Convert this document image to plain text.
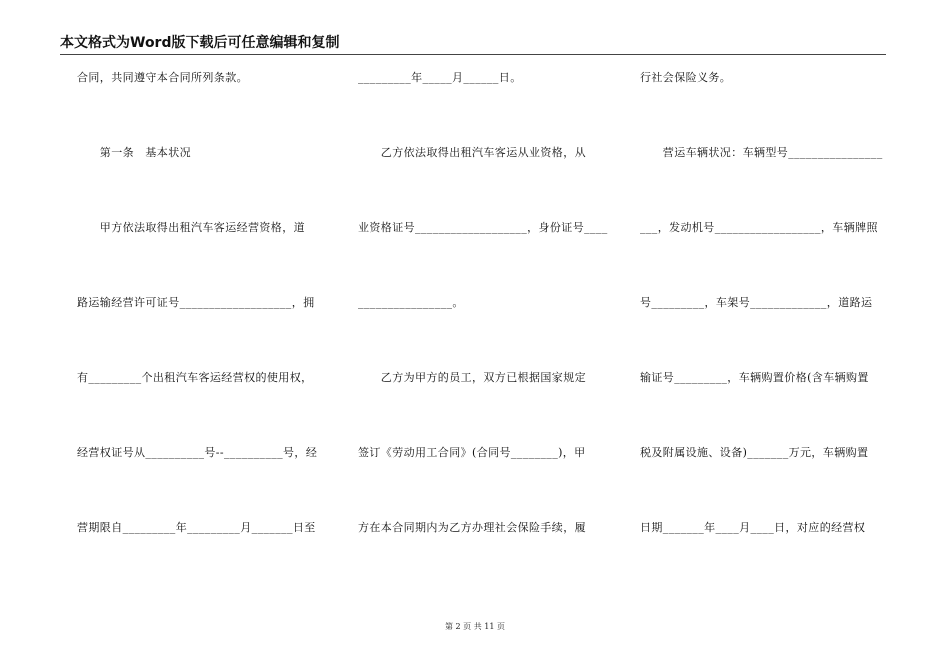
本文格式为Word版下载后可任意编辑和复制
合同，共同遵守本合同所列条款。
　　第一条　基本状况
　　甲方依法取得出租汽车客运经营资格，道
路运输经营许可证号___________________，拥
有_________个出租汽车客运经营权的使用权，
经营权证号从__________号--__________号，经
营期限自_________年_________月_______日至
_________年_____月______日。
　　乙方依法取得出租汽车客运从业资格，从
业资格证号___________________，身份证号____
________________。
　　乙方为甲方的员工，双方已根据国家规定
签订《劳动用工合同》(合同号________)，甲
方在本合同期内为乙方办理社会保险手续，履
行社会保险义务。
　　营运车辆状况：车辆型号________________
___，发动机号__________________，车辆牌照
号_________，车架号_____________，道路运
输证号_________，车辆购置价格(含车辆购置
税及附属设施、设备)_______万元，车辆购置
日期_______年____月____日，对应的经营权
第 2 页 共 11 页
